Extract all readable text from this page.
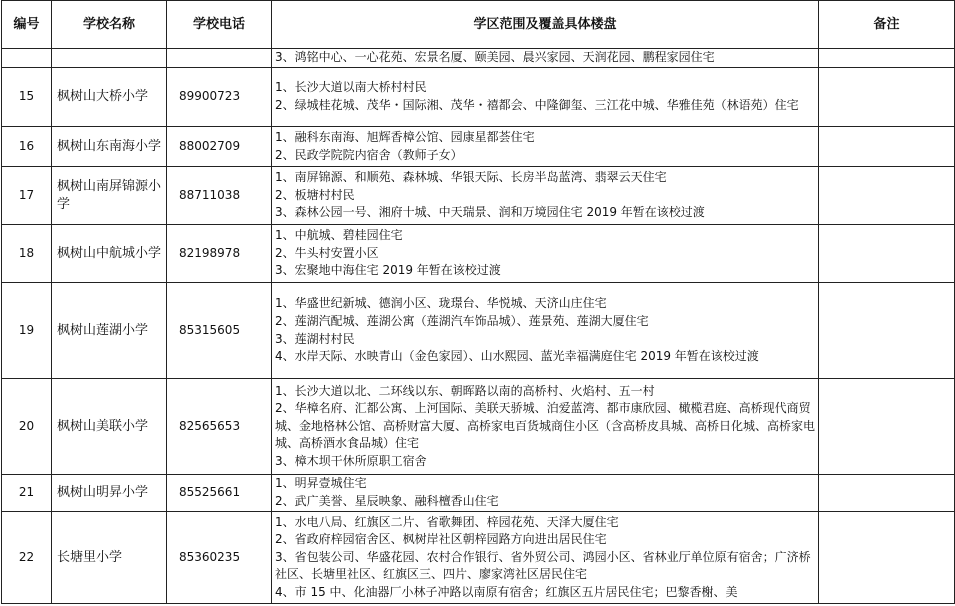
编号	学校名称	学校电话	学区范围及覆盖具体楼盘	备注

			3、鸿铭中心、一心花苑、宏景名厦、颐美园、晨兴家园、天润花园、鹏程家园住宅	

15	枫树山大桥小学	89900723	1、长沙大道以南大桥村村民
2、绿城桂花城、茂华・国际湘、茂华・禧都会、中隆御玺、三江花中城、华雅佳苑（林语苑）住宅	

16	枫树山东南海小学	88002709	1、融科东南海、旭辉香樟公馆、园康星都荟住宅
2、民政学院院内宿舍（教师子女）	

17	枫树山南屏锦源小学	88711038	1、南屏锦源、和顺苑、森林城、华银天际、长房半岛蓝湾、翡翠云天住宅
2、板塘村村民
3、森林公园一号、湘府十城、中天瑞景、润和万境园住宅 2019 年暂在该校过渡	

18	枫树山中航城小学	82198978	1、中航城、碧桂园住宅
2、牛头村安置小区
3、宏聚地中海住宅 2019 年暂在该校过渡	

19	枫树山莲湖小学	85315605	1、华盛世纪新城、德润小区、珑璟台、华悦城、天济山庄住宅
2、莲湖汽配城、莲湖公寓（莲湖汽车饰品城）、莲景苑、莲湖大厦住宅
3、莲湖村村民
4、水岸天际、水映青山（金色家园）、山水熙园、蓝光幸福满庭住宅 2019 年暂在该校过渡	

20	枫树山美联小学	82565653	1、长沙大道以北、二环线以东、朝晖路以南的高桥村、火焰村、五一村
2、华樟名府、汇都公寓、上河国际、美联天骄城、泊爱蓝湾、都市康欣园、橄榄君庭、高桥现代商贸城、金地格林公馆、高桥财富大厦、高桥家电百货城商住小区（含高桥皮具城、高桥日化城、高桥家电城、高桥酒水食品城）住宅
3、樟木坝干休所原职工宿舍	

21	枫树山明昇小学	85525661	1、明昇壹城住宅
2、武广美誉、星辰映象、融科檀香山住宅	

22	长塘里小学	85360235	1、水电八局、红旗区二片、省歌舞团、梓园花苑、天泽大厦住宅
2、省政府梓园宿舍区、枫树岸社区朝梓园路方向进出居民住宅
3、省包装公司、华盛花园、农村合作银行、省外贸公司、鸿园小区、省林业厅单位原有宿舍；广济桥社区、长塘里社区、红旗区三、四片、廖家湾社区居民住宅
4、市 15 中、化油器厂小林子冲路以南原有宿舍；红旗区五片居民住宅；巴黎香榭、美	
